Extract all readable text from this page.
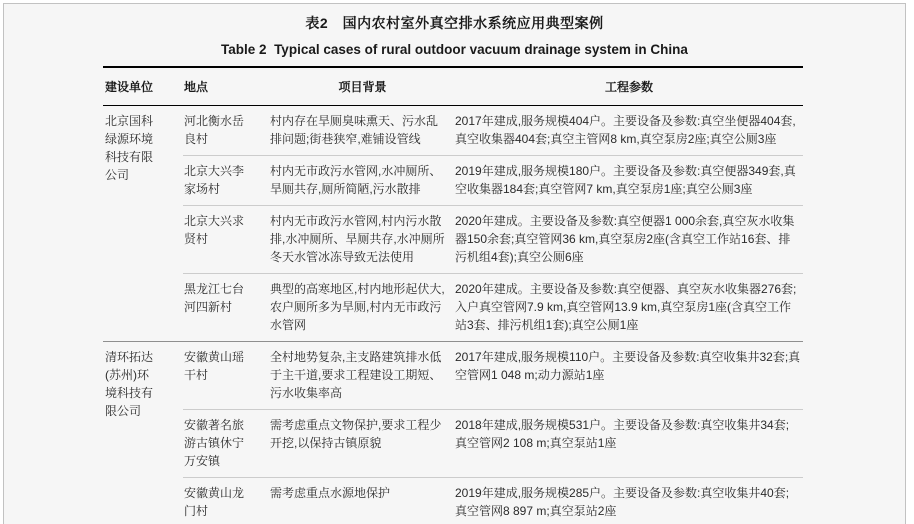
表2　国内农村室外真空排水系统应用典型案例
Table 2  Typical cases of rural outdoor vacuum drainage system in China
建设单位	地点	项目背景	工程参数
北京国科绿源环境科技有限公司	河北衡水岳良村	村内存在旱厕臭味熏天、污水乱排问题;街巷狭窄,难铺设管线	2017年建成,服务规模404户。主要设备及参数:真空坐便器404套,真空收集器404套;真空主管网8 km,真空泵房2座;真空公厕3座
	北京大兴李家场村	村内无市政污水管网,水冲厕所、旱厕共存,厕所简陋,污水散排	2019年建成,服务规模180户。主要设备及参数:真空便器349套,真空收集器184套;真空管网7 km,真空泵房1座;真空公厕3座
	北京大兴求贤村	村内无市政污水管网,村内污水散排,水冲厕所、旱厕共存,水冲厕所冬天水管冰冻导致无法使用	2020年建成。主要设备及参数:真空便器1 000余套,真空灰水收集器150余套;真空管网36 km,真空泵房2座(含真空工作站16套、排污机组4套);真空公厕6座
	黑龙江七台河四新村	典型的高寒地区,村内地形起伏大,农户厕所多为旱厕,村内无市政污水管网	2020年建成。主要设备及参数:真空便器、真空灰水收集器276套;入户真空管网7.9 km,真空管网13.9 km,真空泵房1座(含真空工作站3套、排污机组1套);真空公厕1座
清环拓达(苏州)环境科技有限公司	安徽黄山瑶干村	全村地势复杂,主支路建筑排水低于主干道,要求工程建设工期短、污水收集率高	2017年建成,服务规模110户。主要设备及参数:真空收集井32套;真空管网1 048 m;动力源站1座
	安徽著名旅游古镇休宁万安镇	需考虑重点文物保护,要求工程少开挖,以保持古镇原貌	2018年建成,服务规模531户。主要设备及参数:真空收集井34套;真空管网2 108 m;真空泵站1座
	安徽黄山龙门村	需考虑重点水源地保护	2019年建成,服务规模285户。主要设备及参数:真空收集井40套;真空管网8 897 m;真空泵站2座
